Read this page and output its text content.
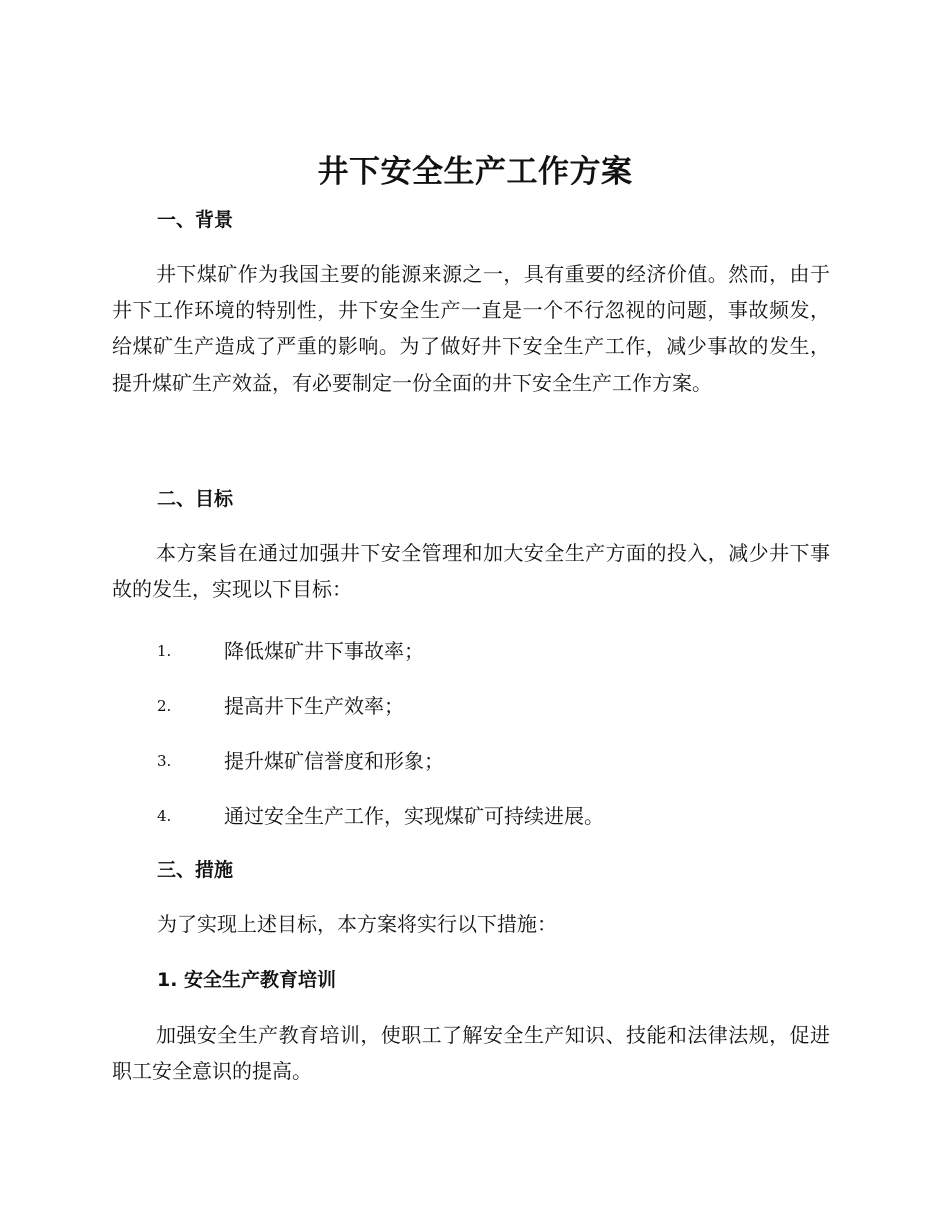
井下安全生产工作方案
一、背景
井下煤矿作为我国主要的能源来源之一，具有重要的经济价值。然而，由于井下工作环境的特别性，井下安全生产一直是一个不行忽视的问题，事故频发，给煤矿生产造成了严重的影响。为了做好井下安全生产工作，减少事故的发生，提升煤矿生产效益，有必要制定一份全面的井下安全生产工作方案。
二、目标
本方案旨在通过加强井下安全管理和加大安全生产方面的投入，减少井下事故的发生，实现以下目标：
1.	降低煤矿井下事故率；
2.	提高井下生产效率；
3.	提升煤矿信誉度和形象；
4.	通过安全生产工作，实现煤矿可持续进展。
三、措施
为了实现上述目标，本方案将实行以下措施：
1. 安全生产教育培训
加强安全生产教育培训，使职工了解安全生产知识、技能和法律法规，促进职工安全意识的提高。
